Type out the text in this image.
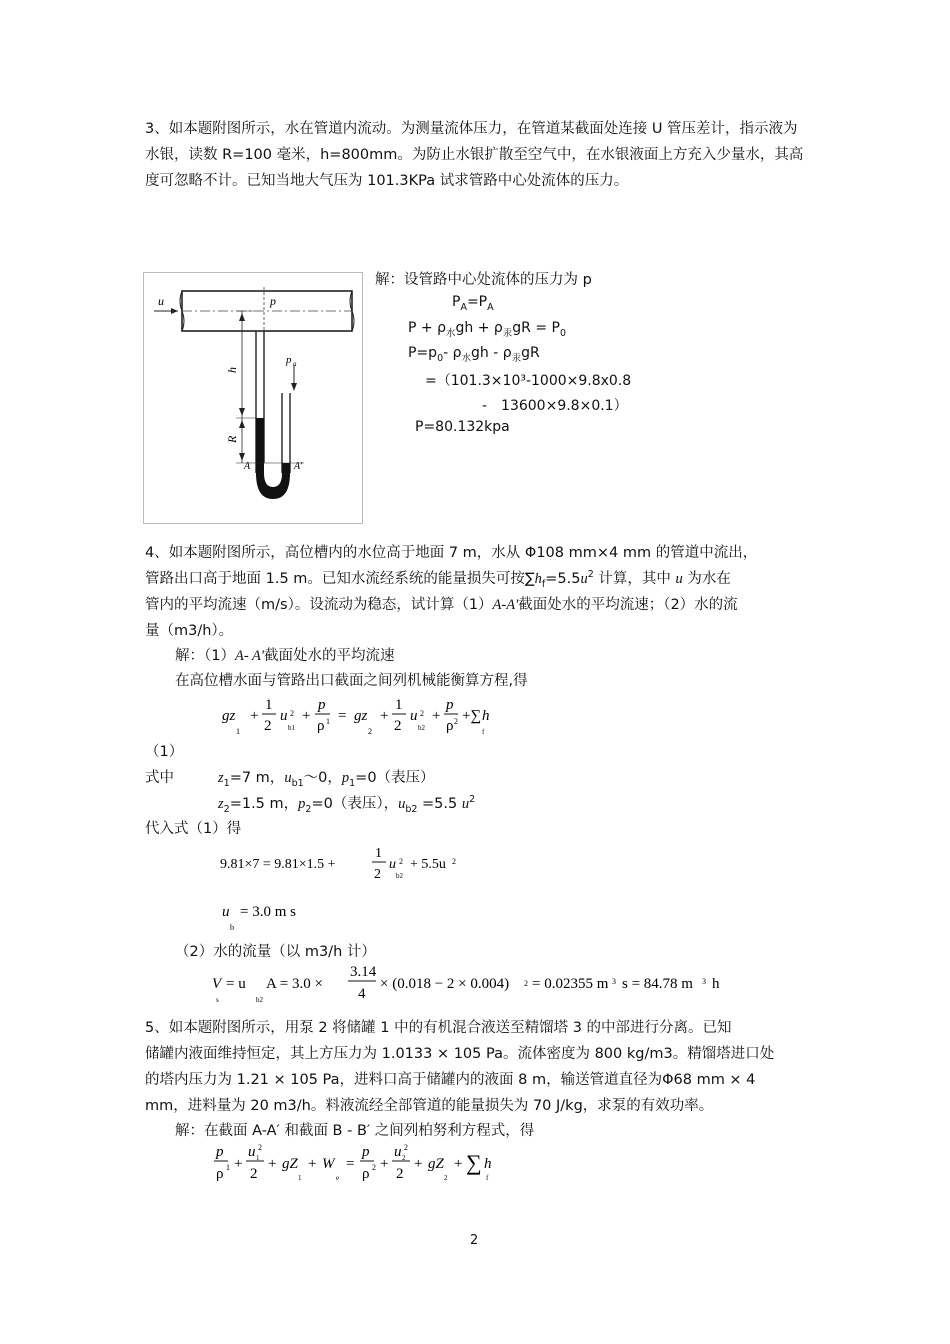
3、如本题附图所示，水在管道内流动。为测量流体压力，在管道某截面处连接 U 管压差计，指示液为水银，读数 R=100 毫米，h=800mm。为防止水银扩散至空气中，在水银液面上方充入少量水，其高度可忽略不计。已知当地大气压为 101.3KPa 试求管路中心处流体的压力。
u	p
p a
h
R
A	A'
解：设管路中心处流体的压力为 p
$P_A=P_A$
$P + \rho_水gh + \rho_汞gR = P_0$
$P=p_0-$ $\rho_水gh - \rho_汞gR$
=（101.3×10³-1000×9.8x0.8
-　13600×9.8×0.1）
P=80.132kpa
4、如本题附图所示，高位槽内的水位高于地面 7 m，水从 Φ108 mm×4 mm 的管道中流出，
管路出口高于地面 1.5 m。已知水流经系统的能量损失可按$\sum h_f=5.5u^2$ 计算，其中 u 为水在
管内的平均流速（m/s）。设流动为稳态，试计算（1）A-A'截面处水的平均流速；（2）水的流
量（m3/h）。
解：（1）A- A'截面处水的平均流速
在高位槽水面与管路出口截面之间列机械能衡算方程,得
gz
1
+
1
2
u 2
b1
+
p
ρ 1 = gz
2
+
1
2
u 2
b2
+
p
ρ 2 +∑ h
f
（1）
式中	$z_1=7$ m，$u_{b1}\sim 0$，$p_1=0$（表压）
$z_2=1.5$ m，$p_2=0$（表压），$u_{b2} =5.5$ $u^2$
代入式（1）得
9.81×7 = 9.81×1.5 +
1
2
u 2
b2
+ 5.5u 2
u
b
= 3.0 m s
（2）水的流量（以 m3/h 计）
V
s
= u
b2
A = 3.0 ×
3.14
4
× (0.018 − 2 × 0.004) 2 = 0.02355 m 3 s = 84.78 m 3 h
5、如本题附图所示，用泵 2 将储罐 1 中的有机混合液送至精馏塔 3 的中部进行分离。已知
储罐内液面维持恒定，其上方压力为 1.0133 × 105 Pa。流体密度为 800 kg/m3。精馏塔进口处
的塔内压力为 1.21 × 105 Pa，进料口高于储罐内的液面 8 m，输送管道直径为Φ68 mm × 4
mm，进料量为 20 m3/h。料液流经全部管道的能量损失为 70 J/kg，求泵的有效功率。
解：在截面 A-A′ 和截面 B - B′ 之间列柏努利方程式，得
p
ρ 1 +
u 2
1
2
+ gZ
1
+ W
e
=
p
ρ 2 +
u 2
2
2
+ gZ
2
+ ∑ h
f
2
